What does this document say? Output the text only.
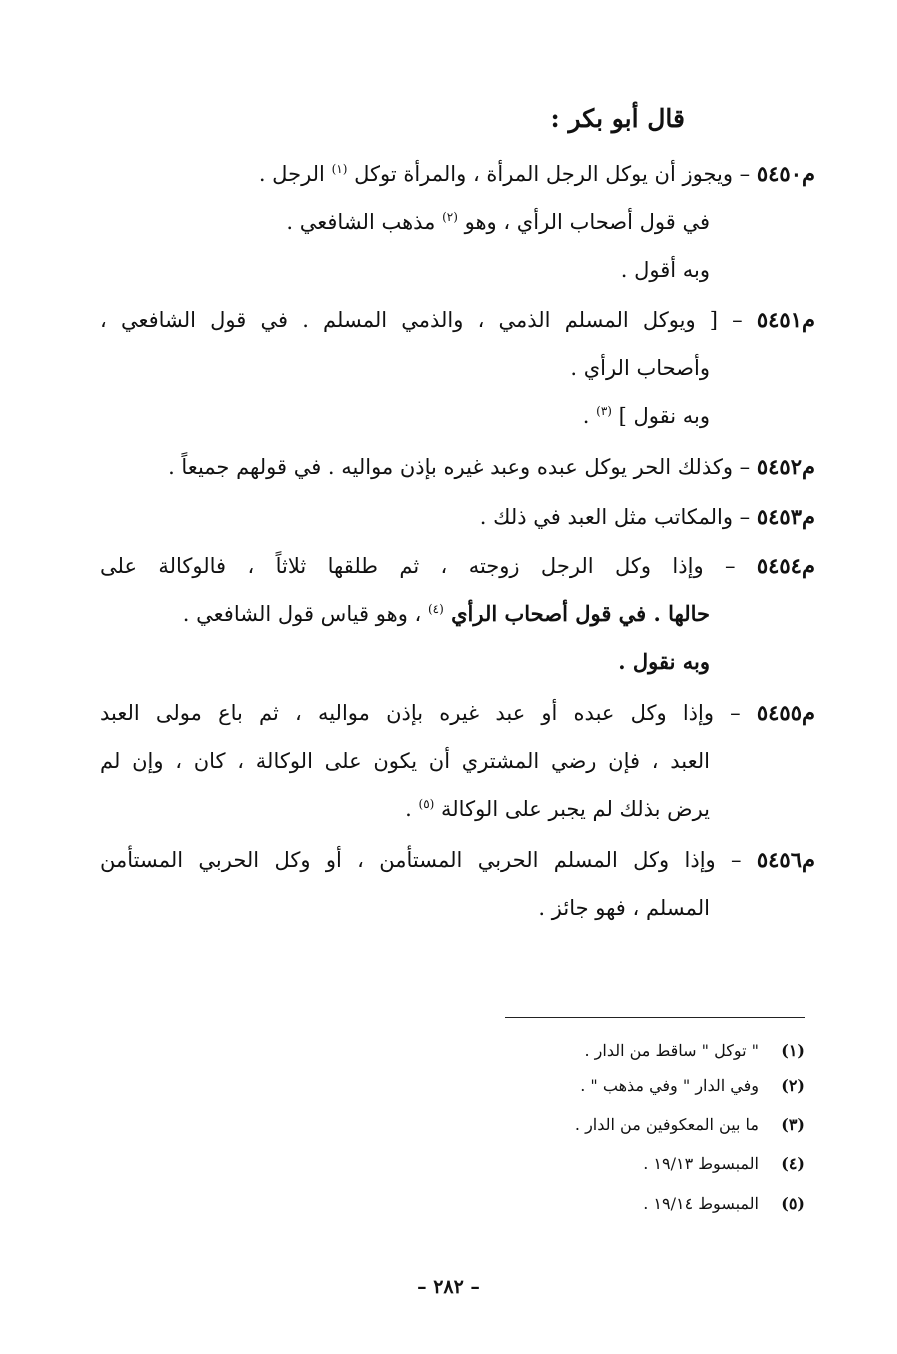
قال أبو بكر :
م٥٤٥٠ – ويجوز أن يوكل الرجل المرأة ، والمرأة توكل $^{(١)}$ الرجل .
في قول أصحاب الرأي ، وهو $^{(٢)}$ مذهب الشافعي .
وبه أقول .
م٥٤٥١ – [ ويوكل المسلم الذمي ، والذمي المسلم . في قول الشافعي ،
وأصحاب الرأي .
وبه نقول ] $^{(٣)}$ .
م٥٤٥٢ – وكذلك الحر يوكل عبده وعبد غيره بإذن مواليه . في قولهم جميعاً .
م٥٤٥٣ – والمكاتب مثل العبد في ذلك .
م٥٤٥٤ – وإذا وكل الرجل زوجته ، ثم طلقها ثلاثاً ، فالوكالة على
حالها . في قول أصحاب الرأي $^{(٤)}$ ، وهو قياس قول الشافعي .
وبه نقول .
م٥٤٥٥ – وإذا وكل عبده أو عبد غيره بإذن مواليه ، ثم باع مولى العبد
العبد ، فإن رضي المشتري أن يكون على الوكالة ، كان ، وإن لم
يرض بذلك لم يجبر على الوكالة $^{(٥)}$ .
م٥٤٥٦ – وإذا وكل المسلم الحربي المستأمن ، أو وكل الحربي المستأمن
المسلم ، فهو جائز .
(١)" توكل " ساقط من الدار .
(٢)وفي الدار " وفي مذهب " .
(٣)ما بين المعكوفين من الدار .
(٤)المبسوط ١٩/١٣ .
(٥)المبسوط ١٩/١٤ .
– ٢٨٢ –
